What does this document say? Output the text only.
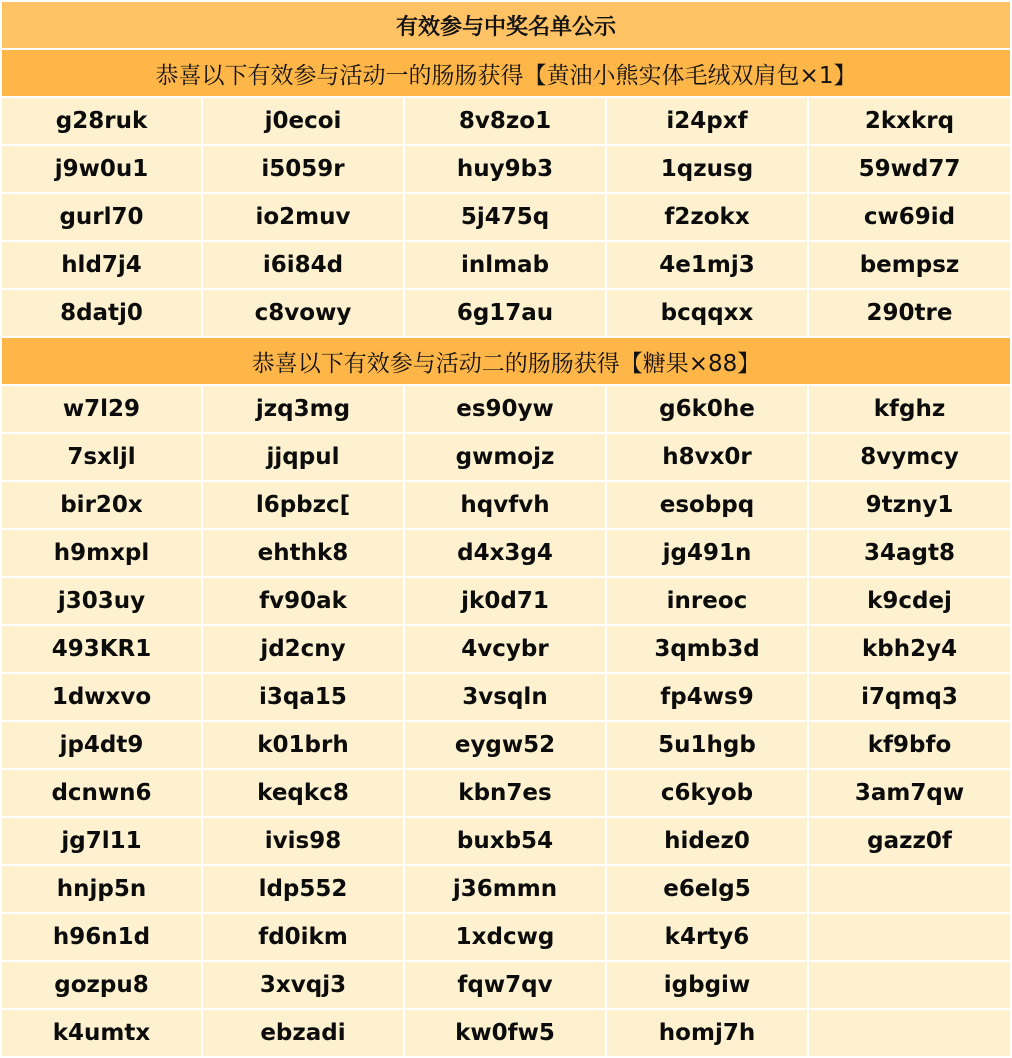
有效参与中奖名单公示				
恭喜以下有效参与活动一的肠肠获得【黄油小熊实体毛绒双肩包×1】				
g28ruk	j0ecoi	8v8zo1	i24pxf	2kxkrq
j9w0u1	i5059r	huy9b3	1qzusg	59wd77
gurl70	io2muv	5j475q	f2zokx	cw69id
hld7j4	i6i84d	inlmab	4e1mj3	bempsz
8datj0	c8vowy	6g17au	bcqqxx	290tre
恭喜以下有效参与活动二的肠肠获得【糖果×88】				
w7l29	jzq3mg	es90yw	g6k0he	kfghz
7sxljl	jjqpul	gwmojz	h8vx0r	8vymcy
bir20x	l6pbzc[	hqvfvh	esobpq	9tzny1
h9mxpl	ehthk8	d4x3g4	jg491n	34agt8
j303uy	fv90ak	jk0d71	inreoc	k9cdej
493KR1	jd2cny	4vcybr	3qmb3d	kbh2y4
1dwxvo	i3qa15	3vsqln	fp4ws9	i7qmq3
jp4dt9	k01brh	eygw52	5u1hgb	kf9bfo
dcnwn6	keqkc8	kbn7es	c6kyob	3am7qw
jg7l11	ivis98	buxb54	hidez0	gazz0f
hnjp5n	ldp552	j36mmn	e6elg5	
h96n1d	fd0ikm	1xdcwg	k4rty6	
gozpu8	3xvqj3	fqw7qv	igbgiw	
k4umtx	ebzadi	kw0fw5	homj7h	
